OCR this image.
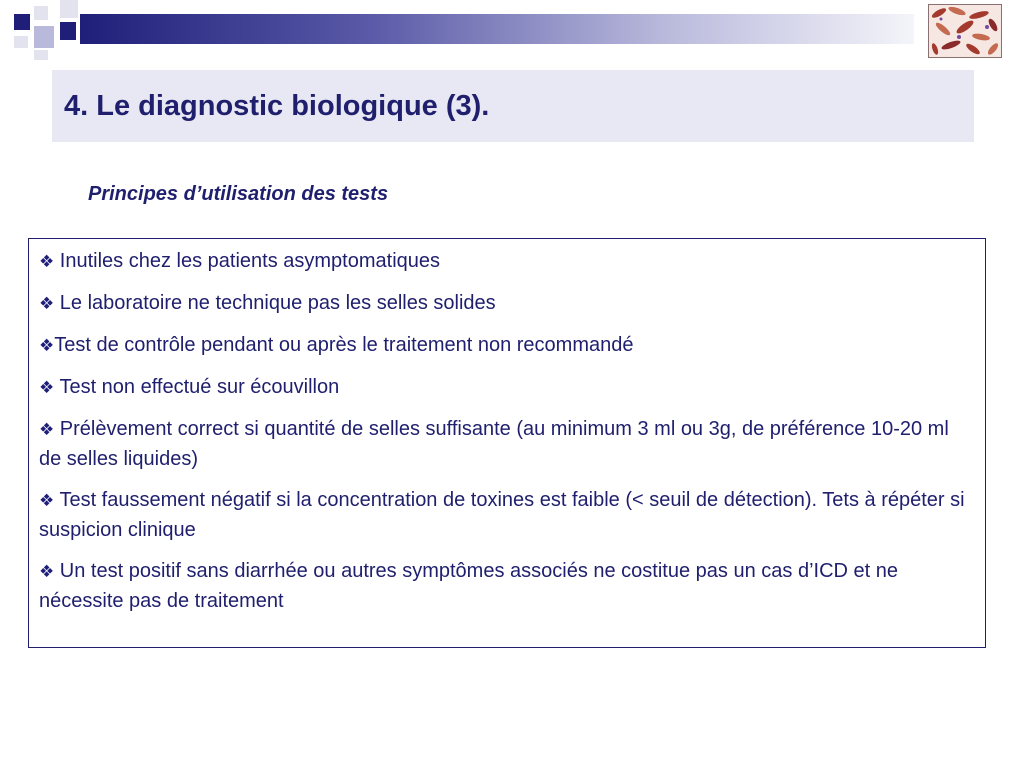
4. Le diagnostic biologique (3).
Principes d’utilisation des tests

❖ Inutiles chez les patients asymptomatiques

❖ Le laboratoire ne technique pas les selles solides

❖Test de contrôle pendant ou après le traitement non recommandé

❖ Test non effectué sur écouvillon

❖ Prélèvement correct si quantité de selles suffisante (au minimum 3 ml ou 3g, de préférence 10-20 ml de selles liquides)

❖ Test faussement négatif si la concentration de toxines est faible (< seuil de détection). Tets à répéter si suspicion clinique

❖ Un test positif sans diarrhée ou autres symptômes associés ne costitue pas un cas d’ICD et ne nécessite pas de traitement
